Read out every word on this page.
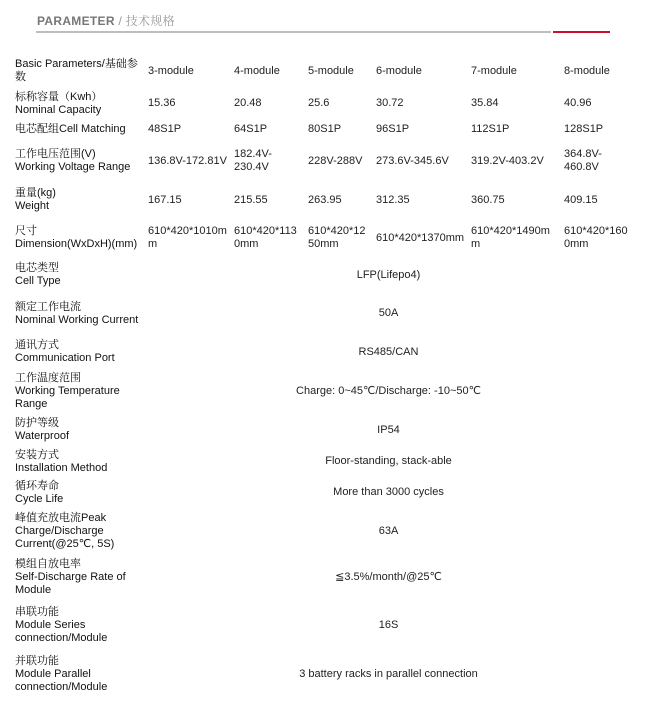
PARAMETER / 技术规格
Basic Parameters/基础参数	3-module	4-module	5-module	6-module	7-module	8-module

标称容量（Kwh）
Nominal Capacity	15.36	20.48	25.6	30.72	35.84	40.96

电芯配组Cell Matching	48S1P	64S1P	80S1P	96S1P	112S1P	128S1P

工作电压范围(V)
Working Voltage Range	136.8V-172.81V	182.4V-230.4V	228V-288V	273.6V-345.6V	319.2V-403.2V	364.8V-460.8V

重量(kg)
Weight	167.15	215.55	263.95	312.35	360.75	409.15

尺寸
Dimension(WxDxH)(mm)	610*420*1010mm	610*420*1130mm	610*420*1250mm	610*420*1370mm	610*420*1490mm	610*420*1600mm

电芯类型
Cell Type	LFP(Lifepo4)					

额定工作电流
Nominal Working Current	50A					

通讯方式
Communication Port	RS485/CAN					

工作温度范围
Working Temperature Range	Charge: 0~45℃/Discharge: -10~50℃					

防护等级
Waterproof	IP54					

安装方式
Installation Method	Floor-standing, stack-able					

循环寿命
Cycle Life	More than 3000 cycles					

峰值充放电流Peak
Charge/Discharge Current(@25℃, 5S)	63A					

模组自放电率
Self-Discharge Rate of Module	≦3.5%/month/@25℃					

串联功能
Module Series connection/Module	16S					

并联功能
Module Parallel connection/Module	3 battery racks in parallel connection					
